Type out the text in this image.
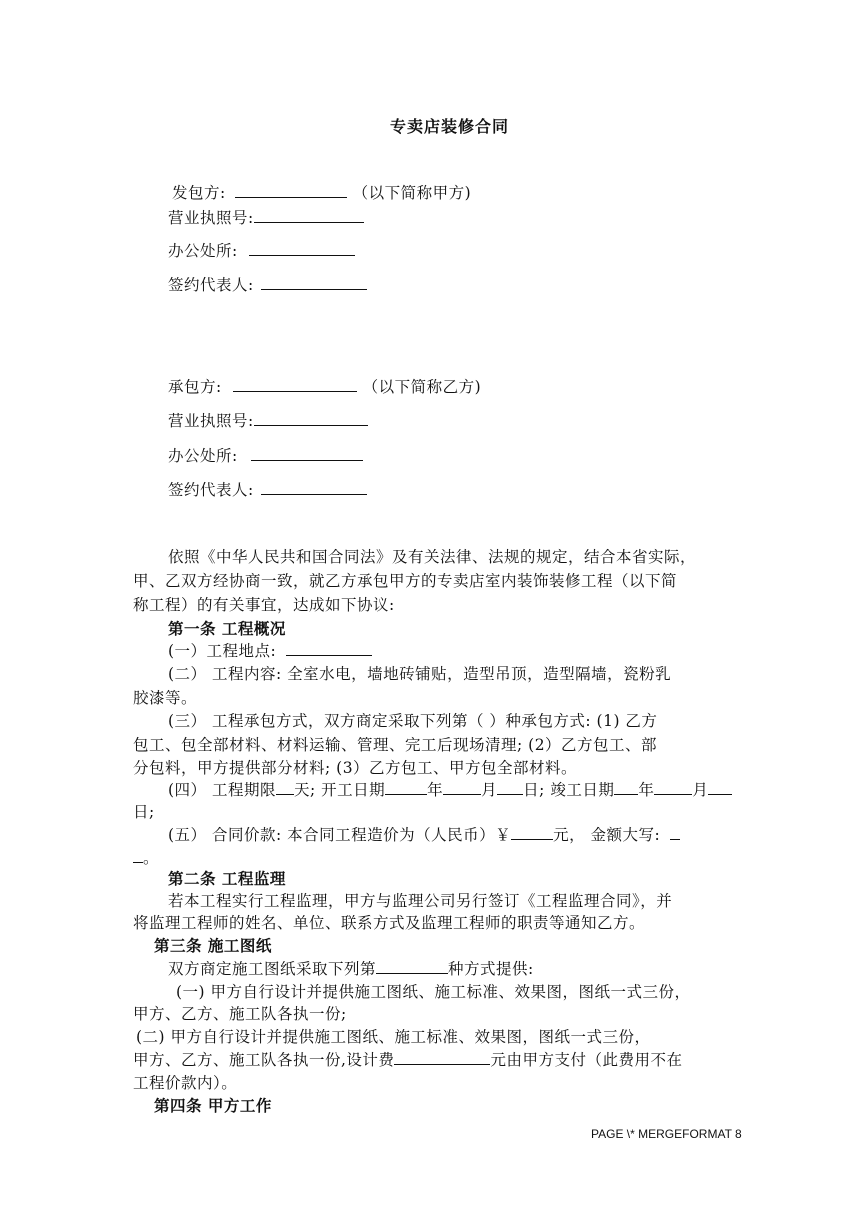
专卖店装修合同
发包方:	（以下简称甲方)
营业执照号:
办公处所:
签约代表人:
承包方:	（以下简称乙方)
营业执照号:
办公处所:
签约代表人:
依照《中华人民共和国合同法》及有关法律、法规的规定，结合本省实际，
甲、乙双方经协商一致，就乙方承包甲方的专卖店室内装饰装修工程（以下简
称工程）的有关事宜，达成如下协议:
第一条 工程概况
(一）工程地点:
(二） 工程内容: 全室水电，墙地砖铺贴，造型吊顶，造型隔墙，瓷粉乳
胶漆等。
(三） 工程承包方式，双方商定采取下列第（ ）种承包方式: (1) 乙方
包工、包全部材料、材料运输、管理、完工后现场清理; (2）乙方包工、部
分包料，甲方提供部分材料; (3）乙方包工、甲方包全部材料。
(四） 工程期限 天; 开工日期	年 月 日; 竣工日期 年 月
日;
(五） 合同价款: 本合同工程造价为（人民币）￥	元， 金额大写:
。
第二条 工程监理
若本工程实行工程监理，甲方与监理公司另行签订《工程监理合同》，并
将监理工程师的姓名、单位、联系方式及监理工程师的职责等通知乙方。
第三条 施工图纸
双方商定施工图纸采取下列第	种方式提供:
(一) 甲方自行设计并提供施工图纸、施工标准、效果图，图纸一式三份，
甲方、乙方、施工队各执一份;
(二) 甲方自行设计并提供施工图纸、施工标准、效果图，图纸一式三份，
甲方、乙方、施工队各执一份,设计费	元由甲方支付（此费用不在
工程价款内）。
第四条 甲方工作
PAGE \* MERGEFORMAT 8
